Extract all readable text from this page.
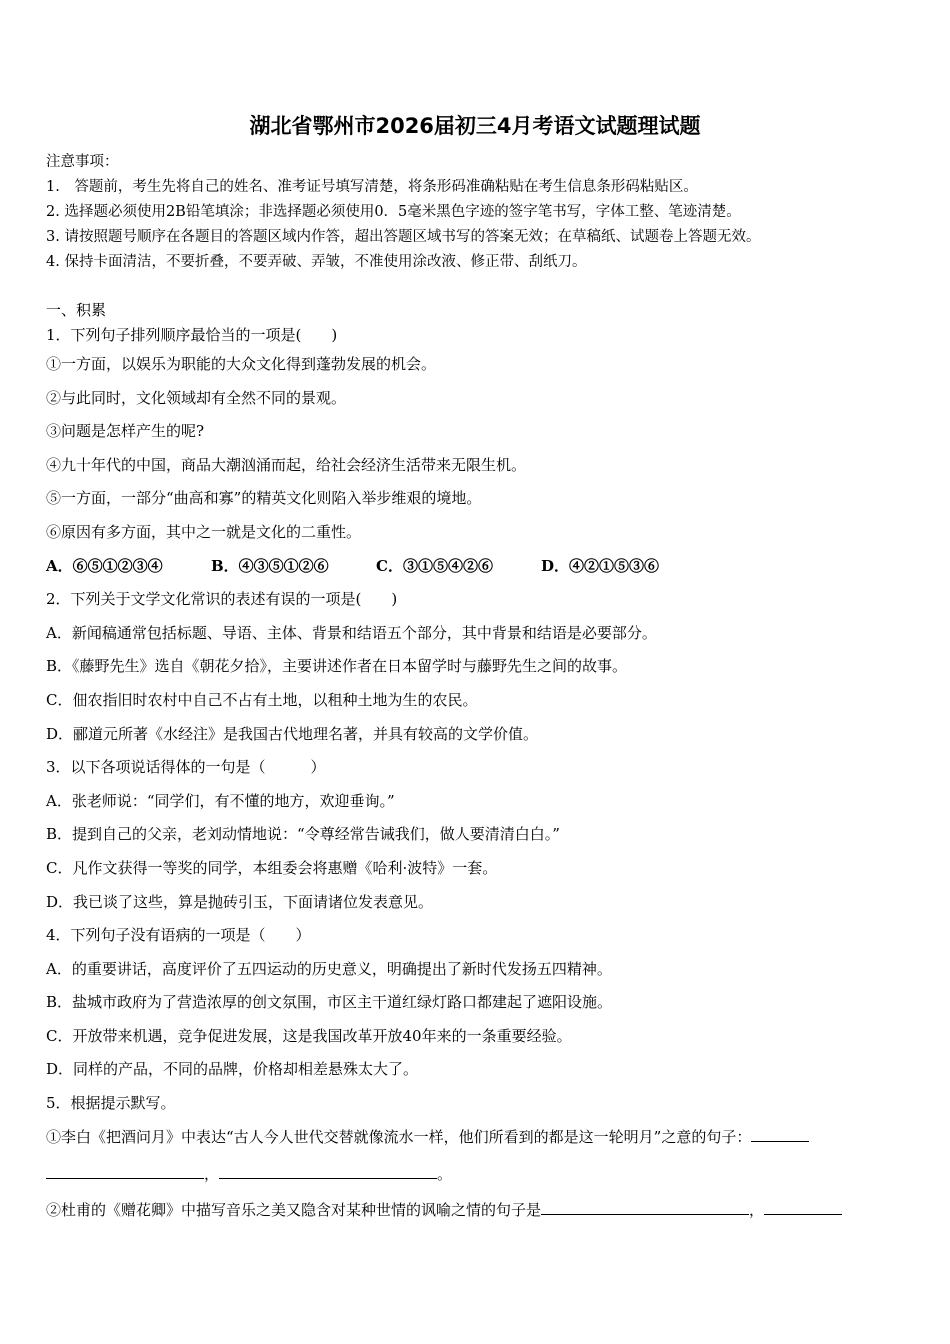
湖北省鄂州市2026届初三4月考语文试题理试题
注意事项：
1.　答题前，考生先将自己的姓名、准考证号填写清楚，将条形码准确粘贴在考生信息条形码粘贴区。
2. 选择题必须使用2B铅笔填涂；非选择题必须使用0．5毫米黑色字迹的签字笔书写，字体工整、笔迹清楚。
3. 请按照题号顺序在各题目的答题区域内作答，超出答题区域书写的答案无效；在草稿纸、试题卷上答题无效。
4. 保持卡面清洁，不要折叠，不要弄破、弄皱，不准使用涂改液、修正带、刮纸刀。
一、积累
1．下列句子排列顺序最恰当的一项是(　　)
①一方面，以娱乐为职能的大众文化得到蓬勃发展的机会。
②与此同时，文化领域却有全然不同的景观。
③问题是怎样产生的呢?
④九十年代的中国，商品大潮汹涌而起，给社会经济生活带来无限生机。
⑤一方面，一部分“曲高和寡”的精英文化则陷入举步维艰的境地。
⑥原因有多方面，其中之一就是文化的二重性。
A．⑥⑤①②③④	B．④③⑤①②⑥	C．③①⑤④②⑥	D．④②①⑤③⑥
2．下列关于文学文化常识的表述有误的一项是(　　)
A．新闻稿通常包括标题、导语、主体、背景和结语五个部分，其中背景和结语是必要部分。
B．《藤野先生》选自《朝花夕拾》，主要讲述作者在日本留学时与藤野先生之间的故事。
C．佃农指旧时农村中自己不占有土地，以租种土地为生的农民。
D．郦道元所著《水经注》是我国古代地理名著，并具有较高的文学价值。
3．以下各项说话得体的一句是（　　　）
A．张老师说：“同学们，有不懂的地方，欢迎垂询。”
B．提到自己的父亲，老刘动情地说：“令尊经常告诫我们，做人要清清白白。”
C．凡作文获得一等奖的同学，本组委会将惠赠《哈利·波特》一套。
D．我已谈了这些，算是抛砖引玉，下面请诸位发表意见。
4．下列句子没有语病的一项是（　　）
A．的重要讲话，高度评价了五四运动的历史意义，明确提出了新时代发扬五四精神。
B．盐城市政府为了营造浓厚的创文氛围，市区主干道红绿灯路口都建起了遮阳设施。
C．开放带来机遇，竞争促进发展，这是我国改革开放40年来的一条重要经验。
D．同样的产品，不同的品牌，价格却相差悬殊太大了。
5．根据提示默写。
①李白《把酒问月》中表达“古人今人世代交替就像流水一样，他们所看到的都是这一轮明月”之意的句子：
，	。
②杜甫的《赠花卿》中描写音乐之美又隐含对某种世情的讽喻之情的句子是	，
